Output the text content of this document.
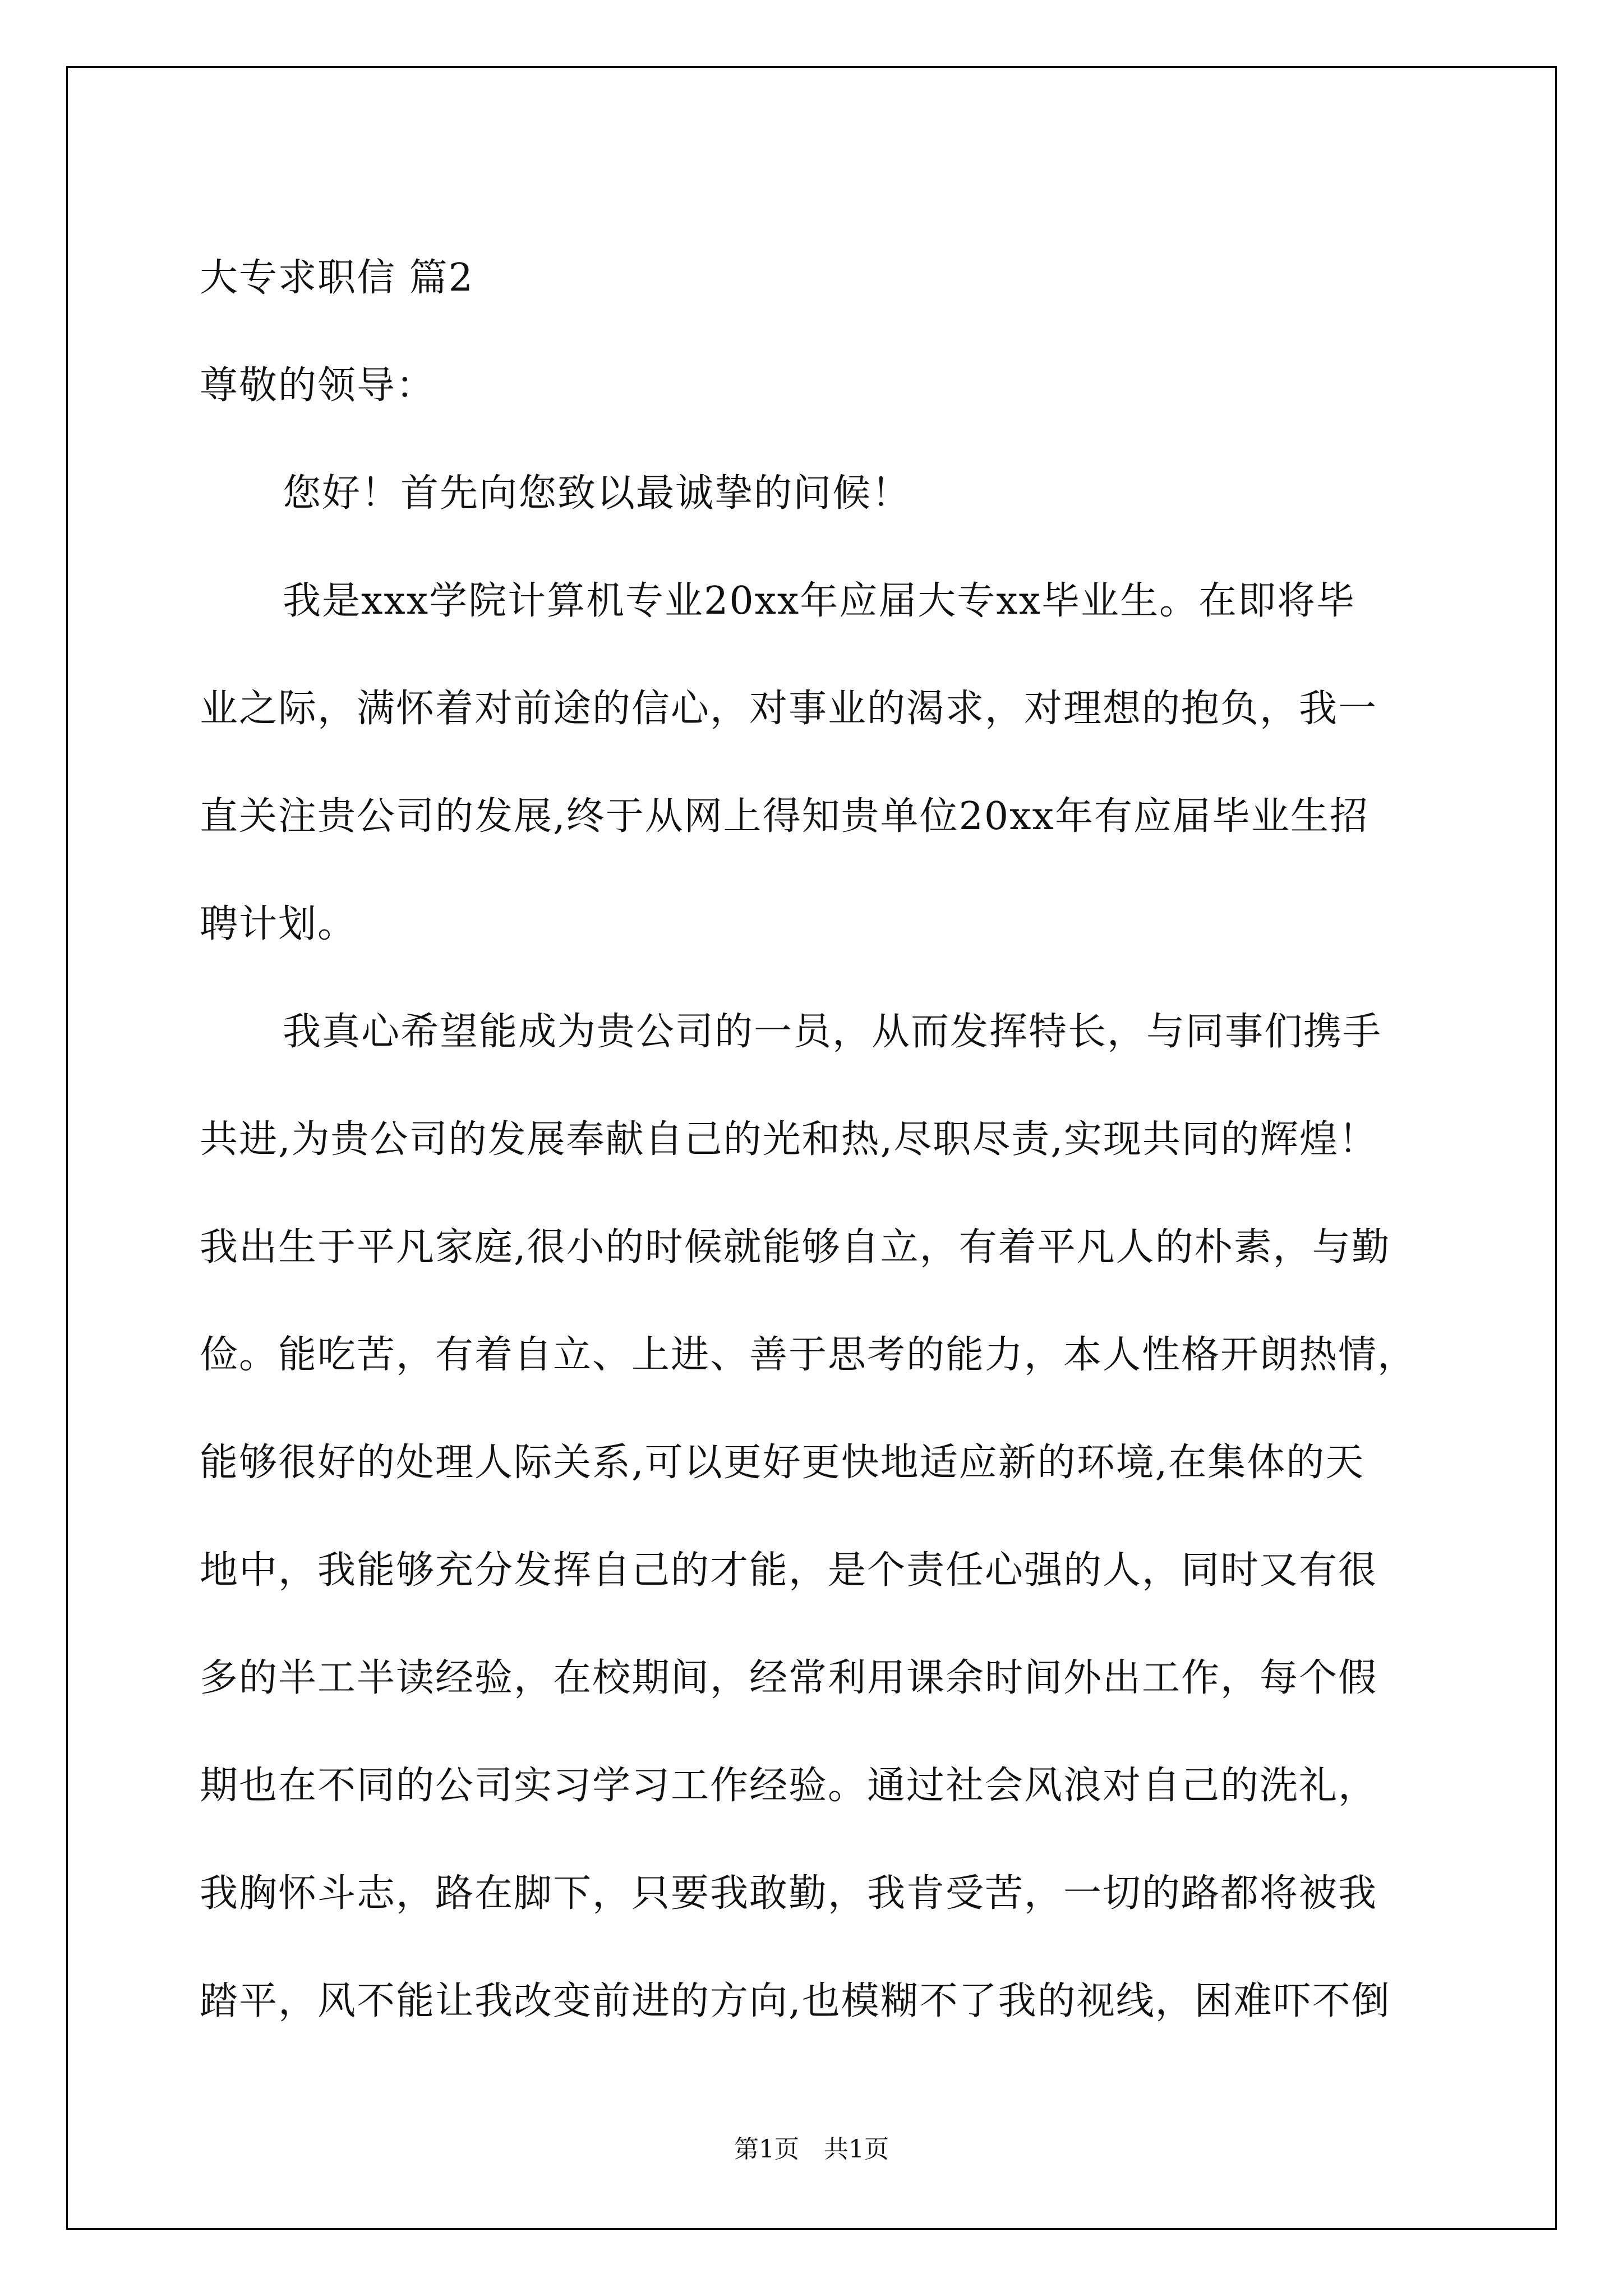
大专求职信 篇2
尊敬的领导：
您好！首先向您致以最诚挚的问候！
我是xxx学院计算机专业20xx年应届大专xx毕业生。在即将毕
业之际，满怀着对前途的信心，对事业的渴求，对理想的抱负，我一
直关注贵公司的发展,终于从网上得知贵单位20xx年有应届毕业生招
聘计划。
我真心希望能成为贵公司的一员，从而发挥特长，与同事们携手
共进,为贵公司的发展奉献自己的光和热,尽职尽责,实现共同的辉煌！
我出生于平凡家庭,很小的时候就能够自立，有着平凡人的朴素，与勤
俭。能吃苦，有着自立、上进、善于思考的能力，本人性格开朗热情，
能够很好的处理人际关系,可以更好更快地适应新的环境,在集体的天
地中，我能够充分发挥自己的才能，是个责任心强的人，同时又有很
多的半工半读经验，在校期间，经常利用课余时间外出工作，每个假
期也在不同的公司实习学习工作经验。通过社会风浪对自己的洗礼，
我胸怀斗志，路在脚下，只要我敢勤，我肯受苦，一切的路都将被我
踏平，风不能让我改变前进的方向,也模糊不了我的视线，困难吓不倒
第1页　共1页
